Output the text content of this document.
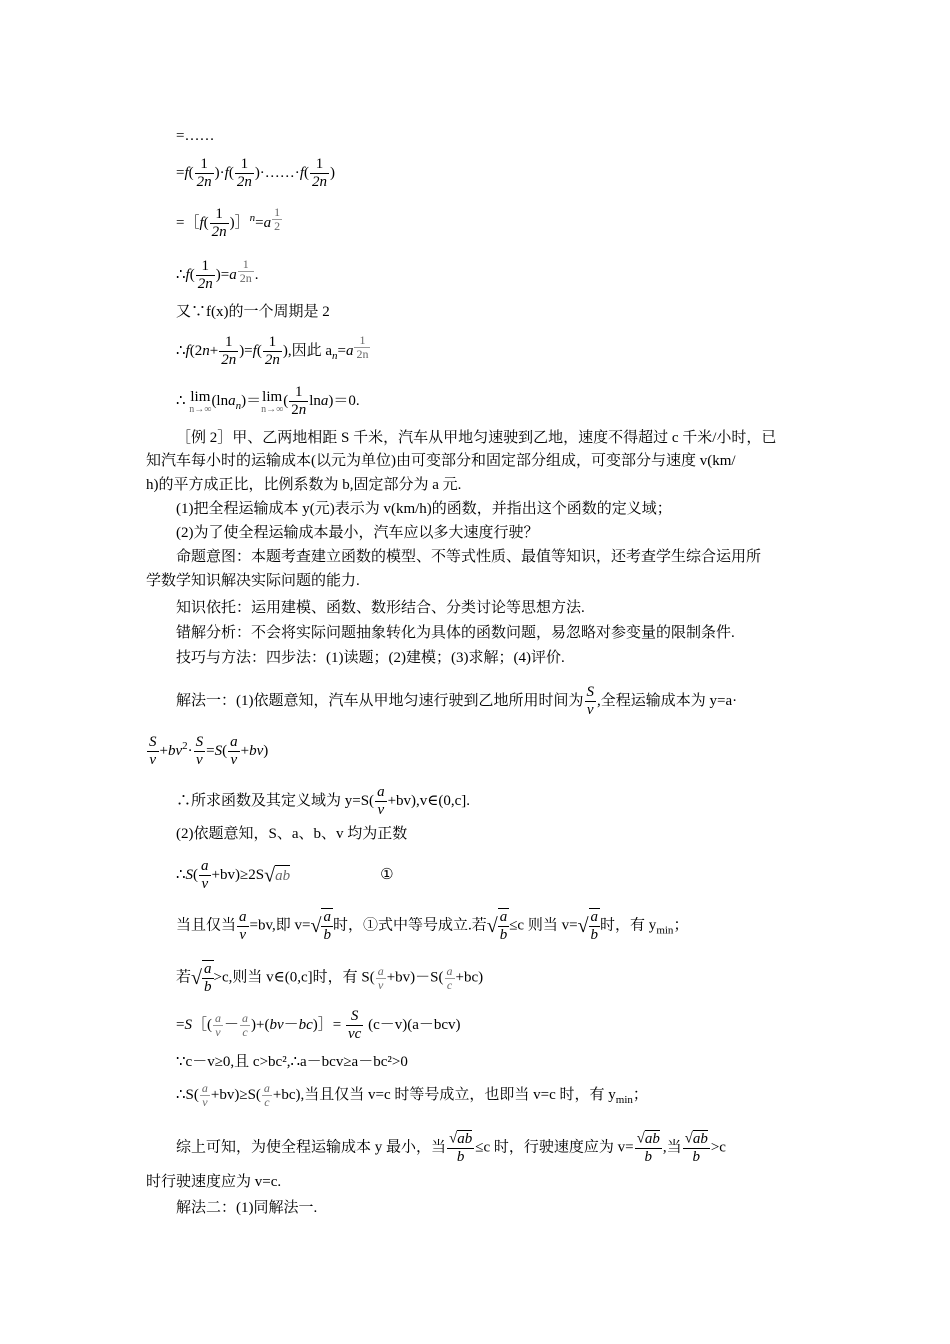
=……
$=f( \frac{1}{2n} )\cdot f( \frac{1}{2n}$ )·……·f( $\frac{1}{2n}$ )
=［f( $\frac{1}{2n}$ )］$^n$=a $\frac{1}{2}$
∴f( $\frac{1}{2n} )=a \frac{1}{2n}$ .
又∵f(x)的一个周期是 2
∴f(2n+ $\frac{1}{2n} )=f( \frac{1}{2n}$ ),因此 $a_n=a \frac{1}{2n}$
∴ lim
n→∞
(lna$_n$)＝ lim
n→∞
( $\frac{1}{2n} \ln a)=0$.
［例 2］甲、乙两地相距 S 千米，汽车从甲地匀速驶到乙地，速度不得超过 c 千米/小时，已
知汽车每小时的运输成本(以元为单位)由可变部分和固定部分组成，可变部分与速度 v(km/
h)的平方成正比，比例系数为 b,固定部分为 a 元.
(1)把全程运输成本 y(元)表示为 v(km/h)的函数，并指出这个函数的定义域；
(2)为了使全程运输成本最小，汽车应以多大速度行驶？
命题意图：本题考查建立函数的模型、不等式性质、最值等知识，还考查学生综合运用所
学数学知识解决实际问题的能力.
知识依托：运用建模、函数、数形结合、分类讨论等思想方法.
错解分析：不会将实际问题抽象转化为具体的函数问题，易忽略对参变量的限制条件.
技巧与方法：四步法：(1)读题；(2)建模；(3)求解；(4)评价.
解法一：(1)依题意知，汽车从甲地匀速行驶到乙地所用时间为 $\frac{S}{v}$ ,全程运输成本为 y=a·
$\frac{S}{v} +bv^2\cdot \frac{S}{v} =S( \frac{a}{v} +bv)$
∴所求函数及其定义域为 $y=S( \frac{a}{v}$ +bv),v∈(0,c].
(2)依题意知，S、a、b、v 均为正数
∴S( $\frac{a}{v} +bv)\ge 2S√ab$	①
当且仅当 $\frac{a}{v} =bv$,即 $v=√ \frac{a}{b}$ 时，①式中等号成立.若√ $\frac{a}{b} \le c$ 则当 $v=√ \frac{a}{b}$ 时，有 $y_{min}$；
若√ $\frac{a}{b} >c$,则当 v∈(0,c]时，有 $S( \frac{a}{v} +bv)-S( \frac{a}{c} +bc)$
=S［( $\frac{a}{v} - \frac{a}{c}$ )+(bv－bc)］= $\frac{S}{vc} (c-v)(a-bcv)$
∵c－v≥0,且 c>bc²,∴a－bcv≥a－bc²>0
∴S( $\frac{a}{v} +bv)\ge S( \frac{a}{c} +bc)$,当且仅当 v=c 时等号成立，也即当 v=c 时，有 $y_{min}$；
综上可知，为使全程运输成本 y 最小，当 $\frac{√ab}{b} \le c$ 时，行驶速度应为 $v= \frac{√ab}{b}$ ,当 $\frac{√ab}{b} >c$
时行驶速度应为 v=c.
解法二：(1)同解法一.
